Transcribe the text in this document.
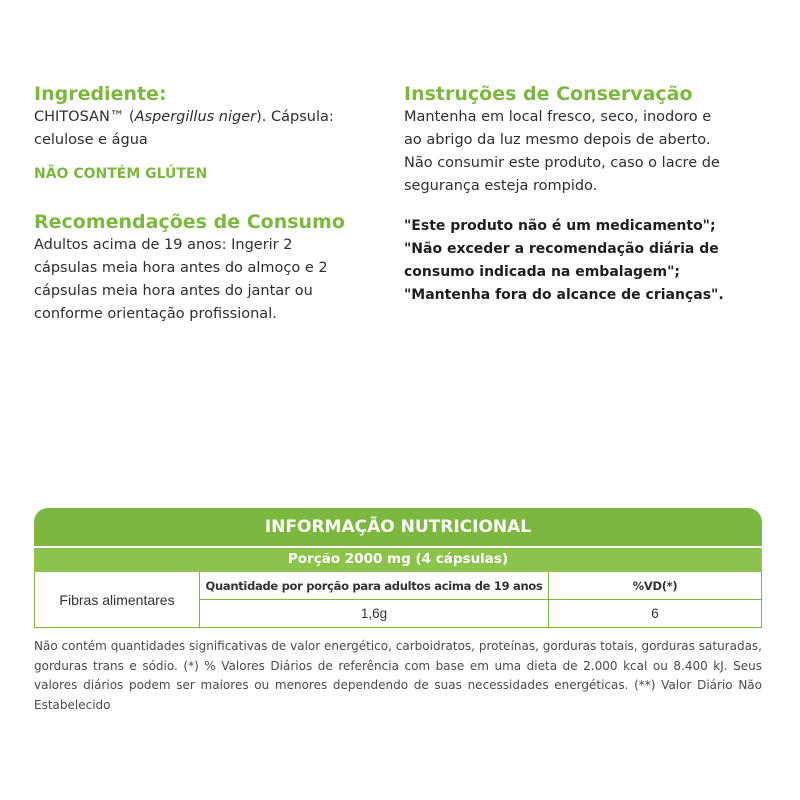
Ingrediente:

CHITOSAN™ (Aspergillus niger). Cápsula:
celulose e água

NÃO CONTÉM GLÚTEN
Recomendações de Consumo

Adultos acima de 19 anos: Ingerir 2
cápsulas meia hora antes do almoço e 2
cápsulas meia hora antes do jantar ou
conforme orientação profissional.

Instruções de Conservação

Mantenha em local fresco, seco, inodoro e
ao abrigo da luz mesmo depois de aberto.
Não consumir este produto, caso o lacre de
segurança esteja rompido.

"Este produto não é um medicamento";
"Não exceder a recomendação diária de
consumo indicada na embalagem";
"Mantenha fora do alcance de crianças".
INFORMAÇÃO NUTRICIONAL
Porção 2000 mg (4 cápsulas)
Fibras alimentares
Quantidade por porção para adultos acima de 19 anos	%VD(*)
1,6g	6

Não contém quantidades significativas de valor energético, carboidratos, proteínas, gorduras totais, gorduras saturadas, gorduras trans e sódio. (*) % Valores Diários de referência com base em uma dieta de 2.000 kcal ou 8.400 kJ. Seus valores diários podem ser maiores ou menores dependendo de suas necessidades energéticas. (**) Valor Diário Não Estabelecido
